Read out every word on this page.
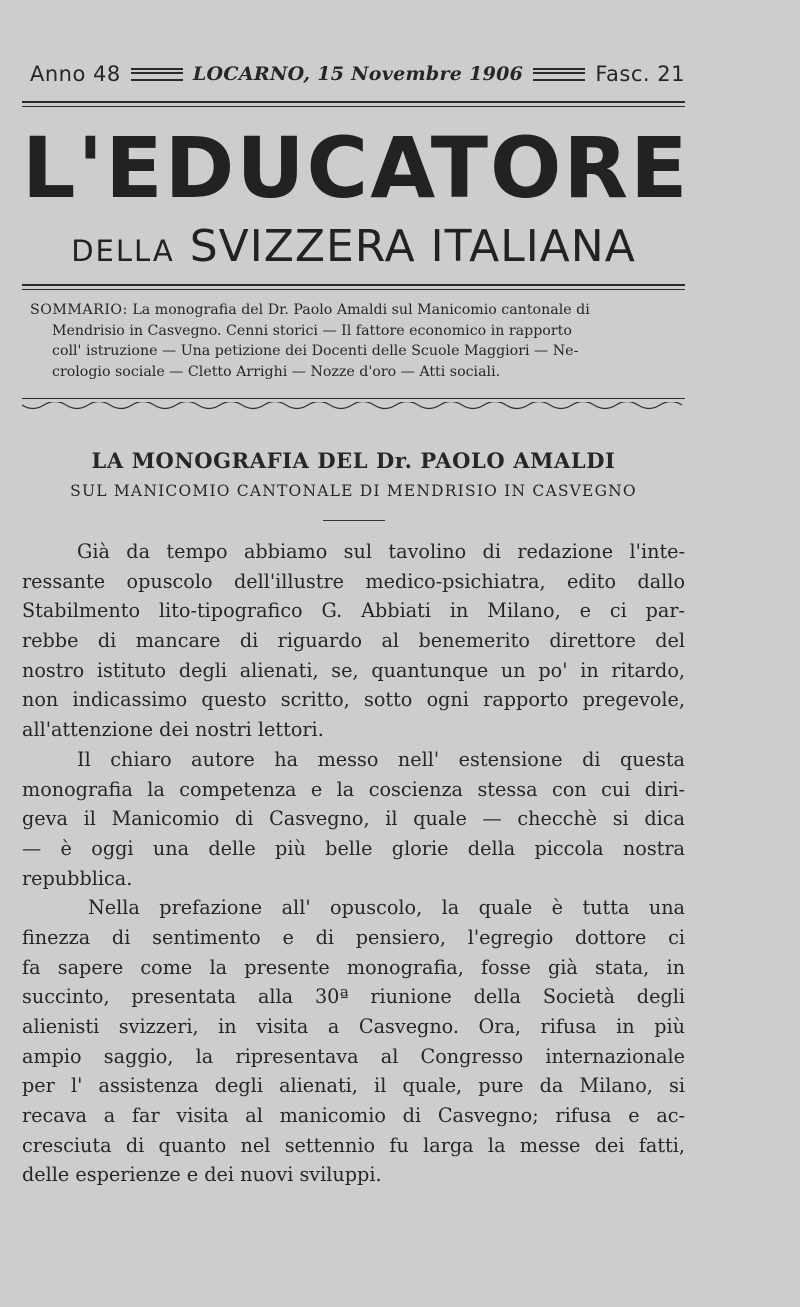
Anno 48	LOCARNO, 15 Novembre 1906	Fasc. 21
L'EDUCATORE
DELLA SVIZZERA ITALIANA
SOMMARIO: La monografia del Dr. Paolo Amaldi sul Manicomio cantonale di
Mendrisio in Casvegno. Cenni storici — Il fattore economico in rapporto
coll' istruzione — Una petizione dei Docenti delle Scuole Maggiori — Ne-
crologio sociale — Cletto Arrighi — Nozze d'oro — Atti sociali.
LA MONOGRAFIA DEL Dr. PAOLO AMALDI
SUL MANICOMIO CANTONALE DI MENDRISIO IN CASVEGNO
Già da tempo abbiamo sul tavolino di redazione l'inte-
ressante opuscolo dell'illustre medico-psichiatra, edito dallo
Stabilmento lito-tipografico G. Abbiati in Milano, e ci par-
rebbe di mancare di riguardo al benemerito direttore del
nostro istituto degli alienati, se, quantunque un po' in ritardo,
non indicassimo questo scritto, sotto ogni rapporto pregevole,
all'attenzione dei nostri lettori.
Il chiaro autore ha messo nell' estensione di questa
monografia la competenza e la coscienza stessa con cui diri-
geva il Manicomio di Casvegno, il quale — checchè si dica
— è oggi una delle più belle glorie della piccola nostra
repubblica.
Nella prefazione all' opuscolo, la quale è tutta una
finezza di sentimento e di pensiero, l'egregio dottore ci
fa sapere come la presente monografia, fosse già stata, in
succinto, presentata alla 30ª riunione della Società degli
alienisti svizzeri, in visita a Casvegno. Ora, rifusa in più
ampio saggio, la ripresentava al Congresso internazionale
per l' assistenza degli alienati, il quale, pure da Milano, si
recava a far visita al manicomio di Casvegno; rifusa e ac-
cresciuta di quanto nel settennio fu larga la messe dei fatti,
delle esperienze e dei nuovi sviluppi.
